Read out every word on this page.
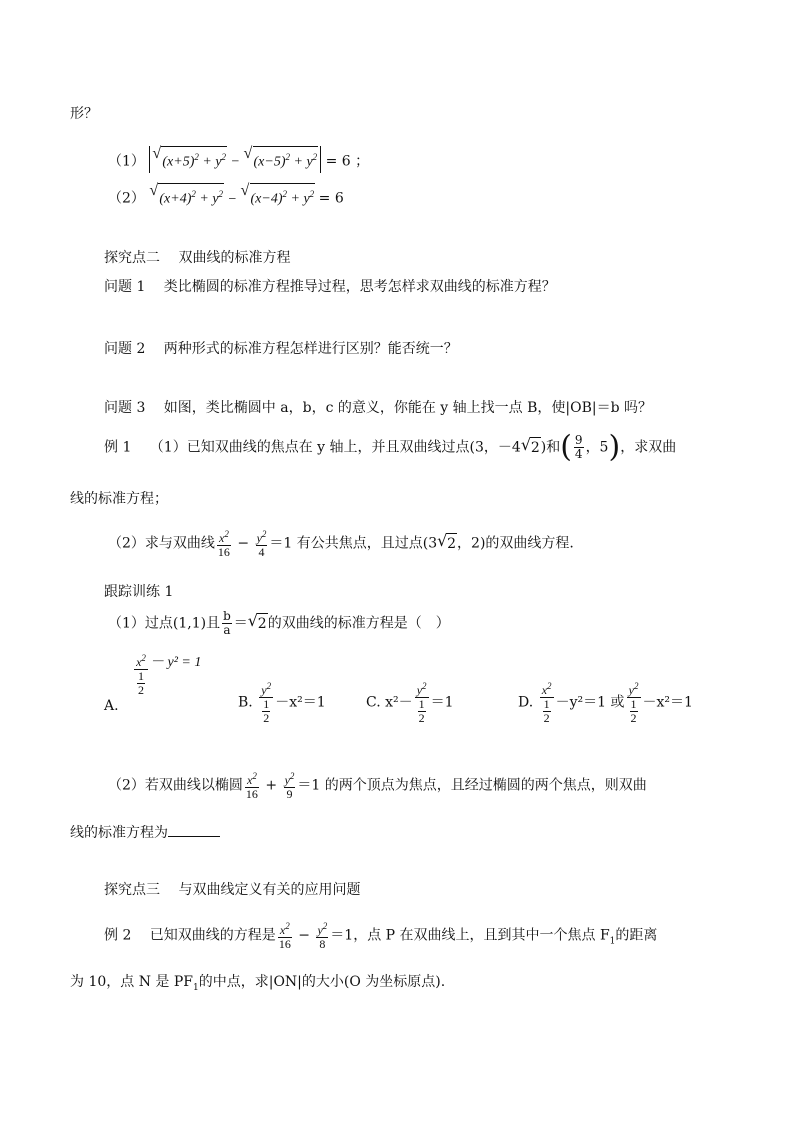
形？
（1） √
$(x+5)^2 + y^2$ −
√
$(x-5)^2 + y^2 = 6$ ；
（2） √
$(x+4)^2 + y^2$ −
√
$(x-4)^2 + y^2 = 6$
探究点二　 双曲线的标准方程
问题 1　 类比椭圆的标准方程推导过程，思考怎样求双曲线的标准方程？
问题 2　 两种形式的标准方程怎样进行区别？能否统一？
问题 3　 如图，类比椭圆中 a，b，c 的意义，你能在 y 轴上找一点 B，使|OB|＝b 吗？
例 1　 （1）已知双曲线的焦点在 y 轴上，并且双曲线过点(3，－4 √ 2)和( $\frac{9}{4}$ ，5)，求双曲
线的标准方程；
（2）求与双曲线 $\frac{x^2}{16} - \frac{y^2}{4} =1$ 有公共焦点，且过点(3 √ 2，2)的双曲线方程.
跟踪训练 1
（1）过点(1,1)且 $\frac{b}{a}$ ＝ √ 2的双曲线的标准方程是（　）
A.
$\frac{x^2}{\frac{1}{2}} - y^2 = 1$
B. $\frac{y^2}{\frac{1}{2}} -x^2=1$	C. $x^2- \frac{y^2}{\frac{1}{2}} =1$	D. $\frac{x^2}{\frac{1}{2}} -y^2=1$ 或 $\frac{y^2}{\frac{1}{2}} -x^2=1$
（2）若双曲线以椭圆 $\frac{x^2}{16} + \frac{y^2}{9} =1$ 的两个顶点为焦点，且经过椭圆的两个焦点，则双曲
线的标准方程为
探究点三　 与双曲线定义有关的应用问题
例 2　 已知双曲线的方程是 $\frac{x^2}{16} - \frac{y^2}{8} =1$，点 P 在双曲线上，且到其中一个焦点 $F_1$的距离
为 10，点 N 是 $PF_1$的中点，求|ON|的大小(O 为坐标原点).
